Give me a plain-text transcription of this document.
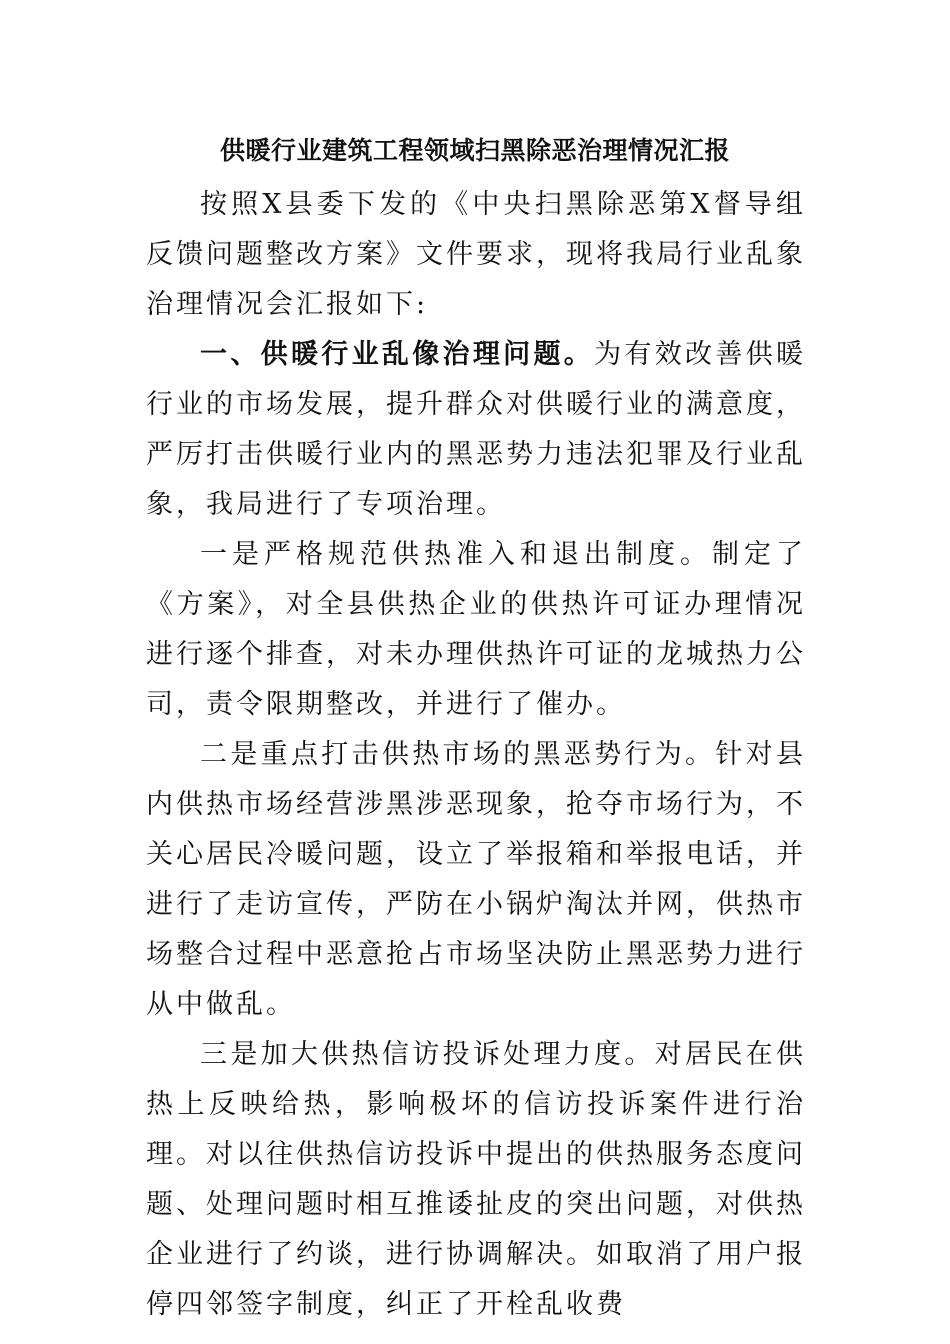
供暖行业建筑工程领域扫黑除恶治理情况汇报

按照X县委下发的《中央扫黑除恶第X督导组反馈问题整改方案》文件要求，现将我局行业乱象治理情况会汇报如下:

一、供暖行业乱像治理问题。为有效改善供暖行业的市场发展，提升群众对供暖行业的满意度，严厉打击供暖行业内的黑恶势力违法犯罪及行业乱象，我局进行了专项治理。

一是严格规范供热准入和退出制度。制定了《方案》，对全县供热企业的供热许可证办理情况进行逐个排查，对未办理供热许可证的龙城热力公司，责令限期整改，并进行了催办。

二是重点打击供热市场的黑恶势行为。针对县内供热市场经营涉黑涉恶现象，抢夺市场行为，不关心居民冷暖问题，设立了举报箱和举报电话，并进行了走访宣传，严防在小锅炉淘汰并网，供热市场整合过程中恶意抢占市场坚决防止黑恶势力进行从中做乱。

三是加大供热信访投诉处理力度。对居民在供热上反映给热，影响极坏的信访投诉案件进行治理。对以往供热信访投诉中提出的供热服务态度问题、处理问题时相互推诿扯皮的突出问题，对供热企业进行了约谈，进行协调解决。如取消了用户报停四邻签字制度，纠正了开栓乱收费
